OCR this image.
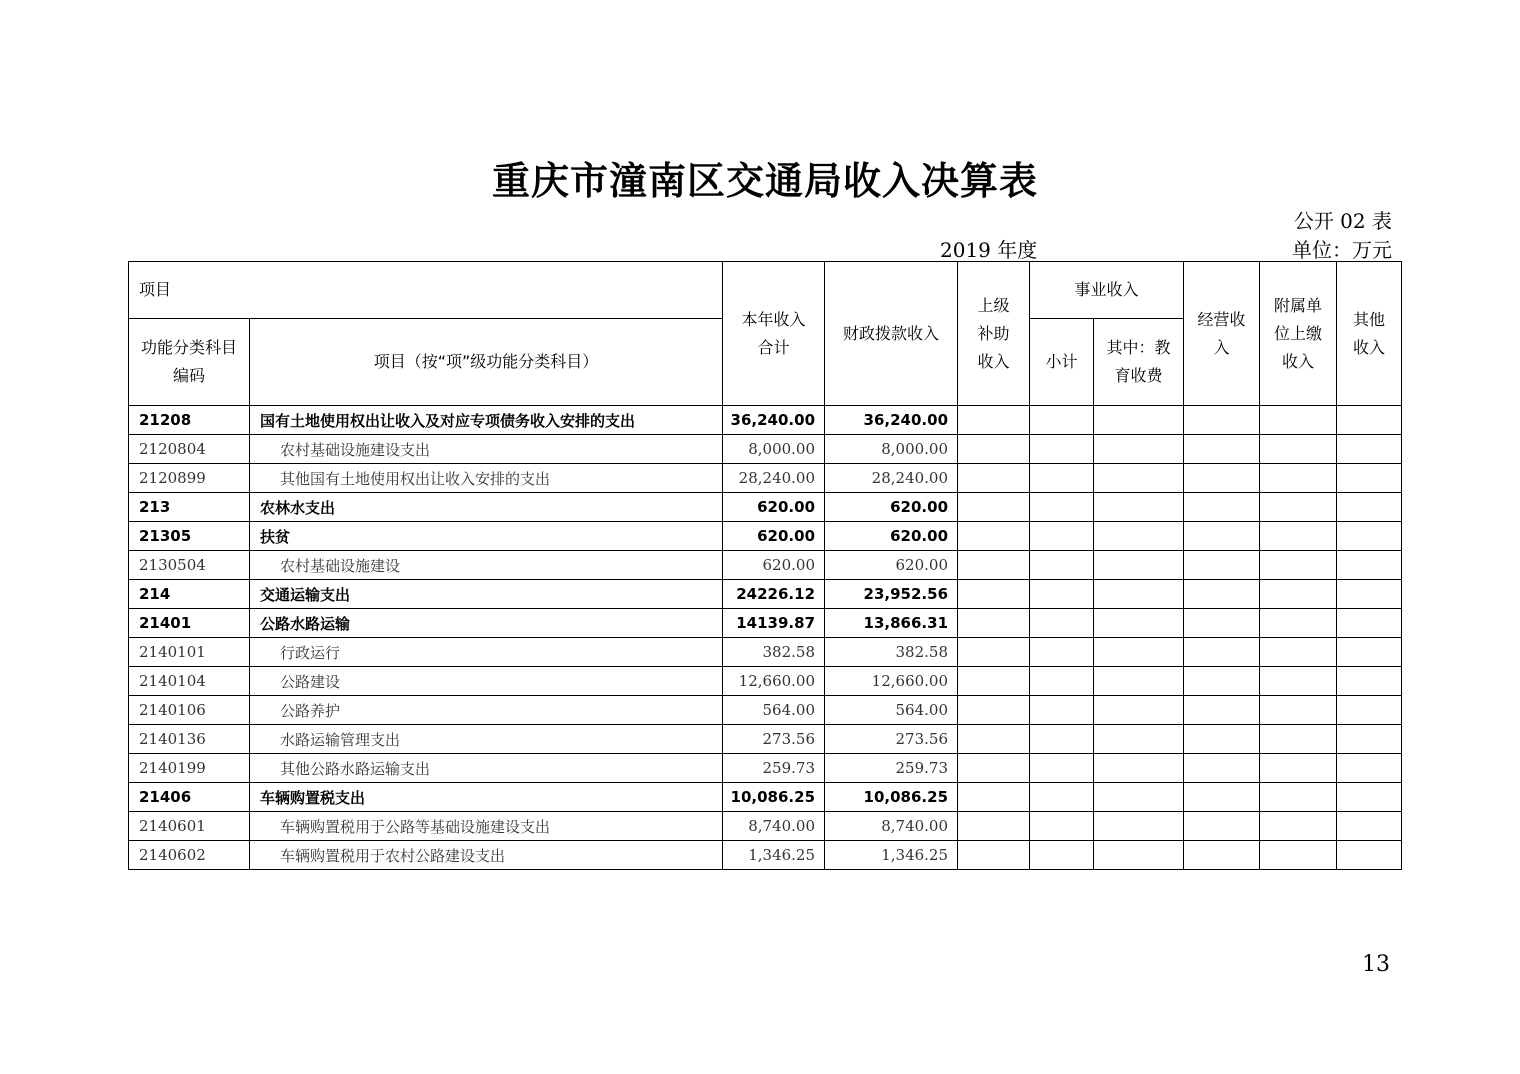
重庆市潼南区交通局收入决算表
公开 02 表
2019 年度	单位：万元
项目		本年收入合计	财政拨款收入	上级补助收入	事业收入		经营收入	附属单位上缴收入	其他收入

功能分类科目编码	项目（按“项”级功能分类科目）								
					小计	其中：教育收费			

21208	国有土地使用权出让收入及对应专项债务收入安排的支出	36,240.00	36,240.00						
2120804	农村基础设施建设支出	8,000.00	8,000.00						
2120899	其他国有土地使用权出让收入安排的支出	28,240.00	28,240.00						
213	农林水支出	620.00	620.00						
21305	扶贫	620.00	620.00						
2130504	农村基础设施建设	620.00	620.00						
214	交通运输支出	24226.12	23,952.56						
21401	公路水路运输	14139.87	13,866.31						
2140101	行政运行	382.58	382.58						
2140104	公路建设	12,660.00	12,660.00						
2140106	公路养护	564.00	564.00						
2140136	水路运输管理支出	273.56	273.56						
2140199	其他公路水路运输支出	259.73	259.73						
21406	车辆购置税支出	10,086.25	10,086.25						
2140601	车辆购置税用于公路等基础设施建设支出	8,740.00	8,740.00						
2140602	车辆购置税用于农村公路建设支出	1,346.25	1,346.25						
13
